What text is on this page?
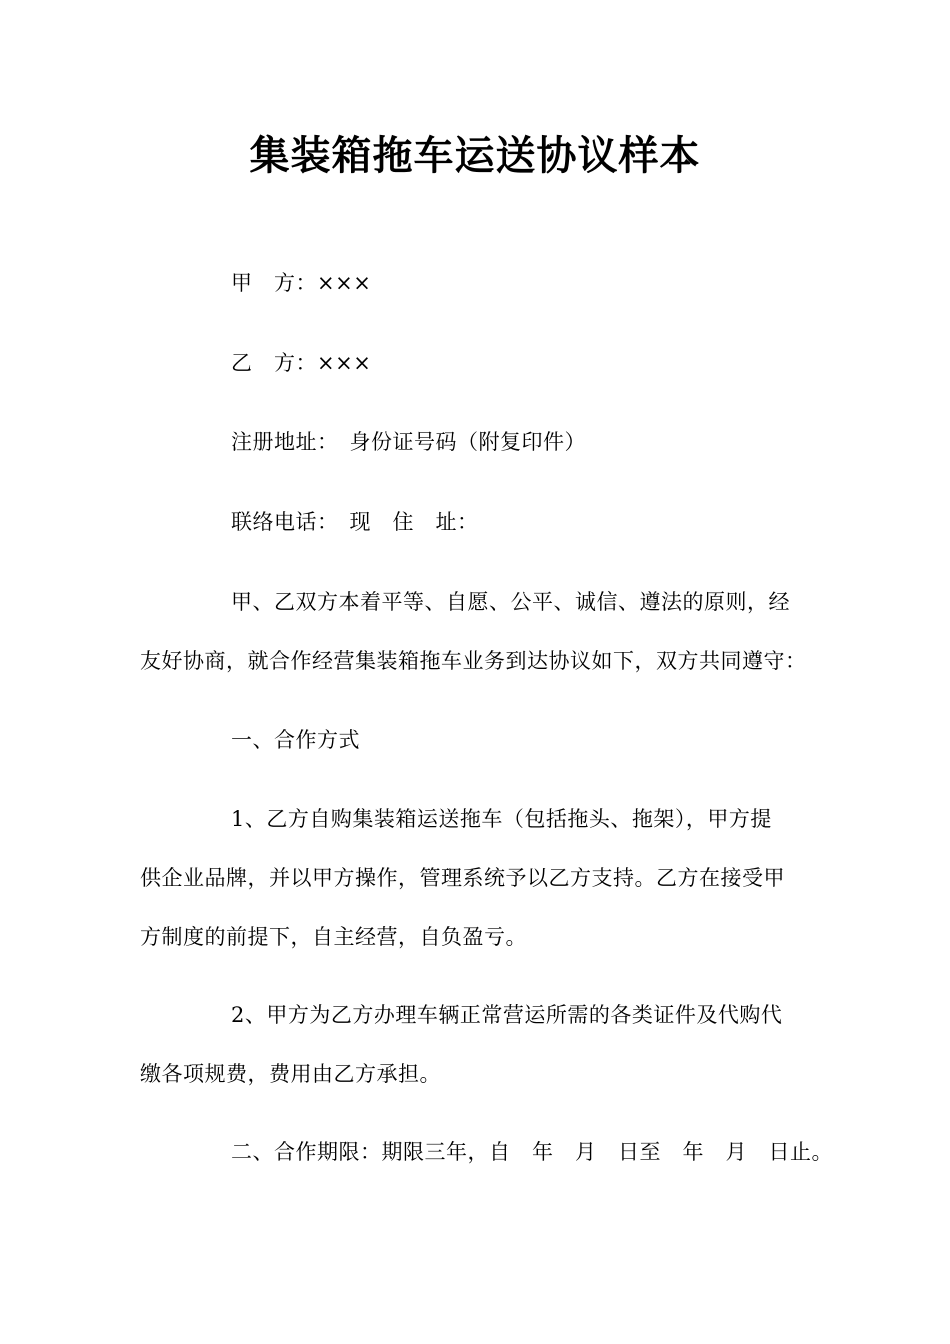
集装箱拖车运送协议样本
甲　方：×××
乙　方：×××
注册地址：　身份证号码（附复印件）
联络电话：　现　住　址：
甲、乙双方本着平等、自愿、公平、诚信、遵法的原则，经
友好协商，就合作经营集装箱拖车业务到达协议如下，双方共同遵守：
一、合作方式
1、乙方自购集装箱运送拖车（包括拖头、拖架），甲方提
供企业品牌，并以甲方操作，管理系统予以乙方支持。乙方在接受甲
方制度的前提下，自主经营，自负盈亏。
2、甲方为乙方办理车辆正常营运所需的各类证件及代购代
缴各项规费，费用由乙方承担。
二、合作期限：期限三年，自　年　月　日至　年　月　日止。
